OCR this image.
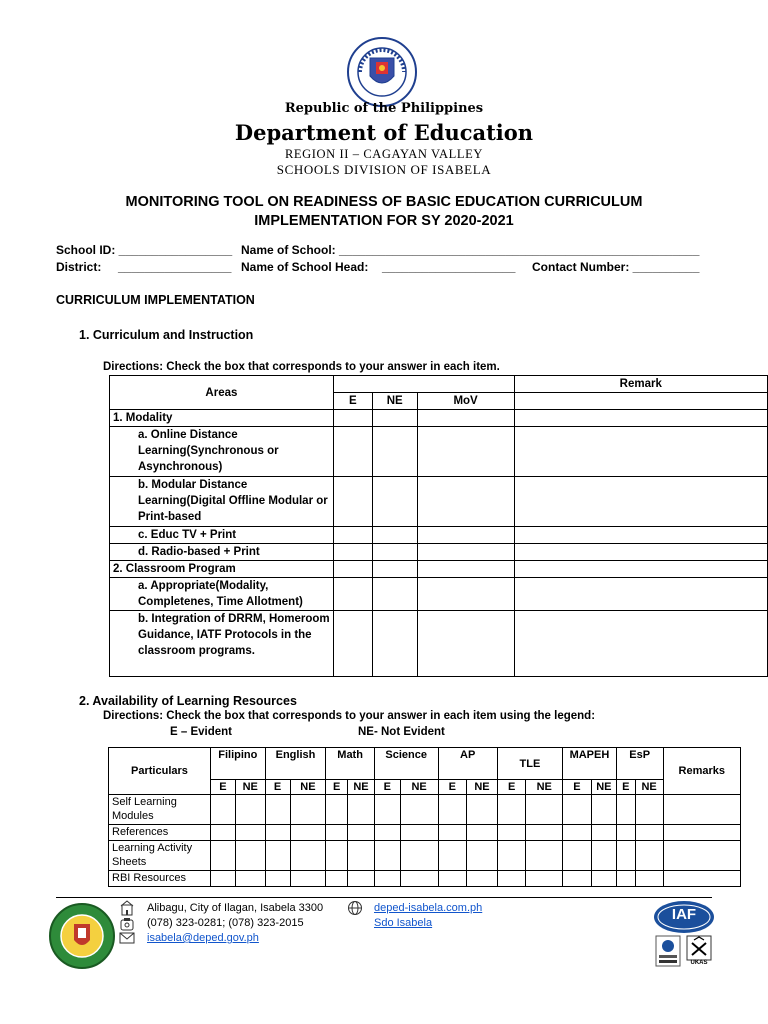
Republic of the Philippines
Department of Education
REGION II – CAGAYAN VALLEY
SCHOOLS DIVISION OF ISABELA
MONITORING TOOL ON READINESS OF BASIC EDUCATION CURRICULUM
IMPLEMENTATION FOR SY 2020-2021
School ID: _________________ Name of School: ______________________________________________________
District: _________________ Name of School Head: ____________________ Contact Number: __________
CURRICULUM IMPLEMENTATION
1. Curriculum and Instruction
Directions: Check the box that corresponds to your answer in each item.
Areas				Remark
	E	NE	MoV	
1. Modality				
a. Online Distance Learning(Synchronous or Asynchronous)				
b. Modular Distance Learning(Digital Offline Modular or Print-based				
c. Educ TV + Print				
d. Radio-based + Print				
2. Classroom Program				
a. Appropriate(Modality, Completenes, Time Allotment)				
b. Integration of DRRM, Homeroom Guidance, IATF Protocols in the classroom programs.				
2. Availability of Learning Resources
Directions: Check the box that corresponds to your answer in each item using the legend:
E – Evident	NE- Not Evident
Particulars	Filipino		English		Math		Science		AP		TLE		MAPEH		EsP		Remarks
	E	NE	E	NE	E	NE	E	NE	E	NE	E	NE	E	NE	E	NE	
Self Learning Modules																	
References																	
Learning Activity Sheets																	
RBI Resources																	
Alibagu, City of Ilagan, Isabela 3300
(078) 323-0281; (078) 323-2015
isabela@deped.gov.ph
deped-isabela.com.ph
Sdo Isabela	IAF
UKAS
